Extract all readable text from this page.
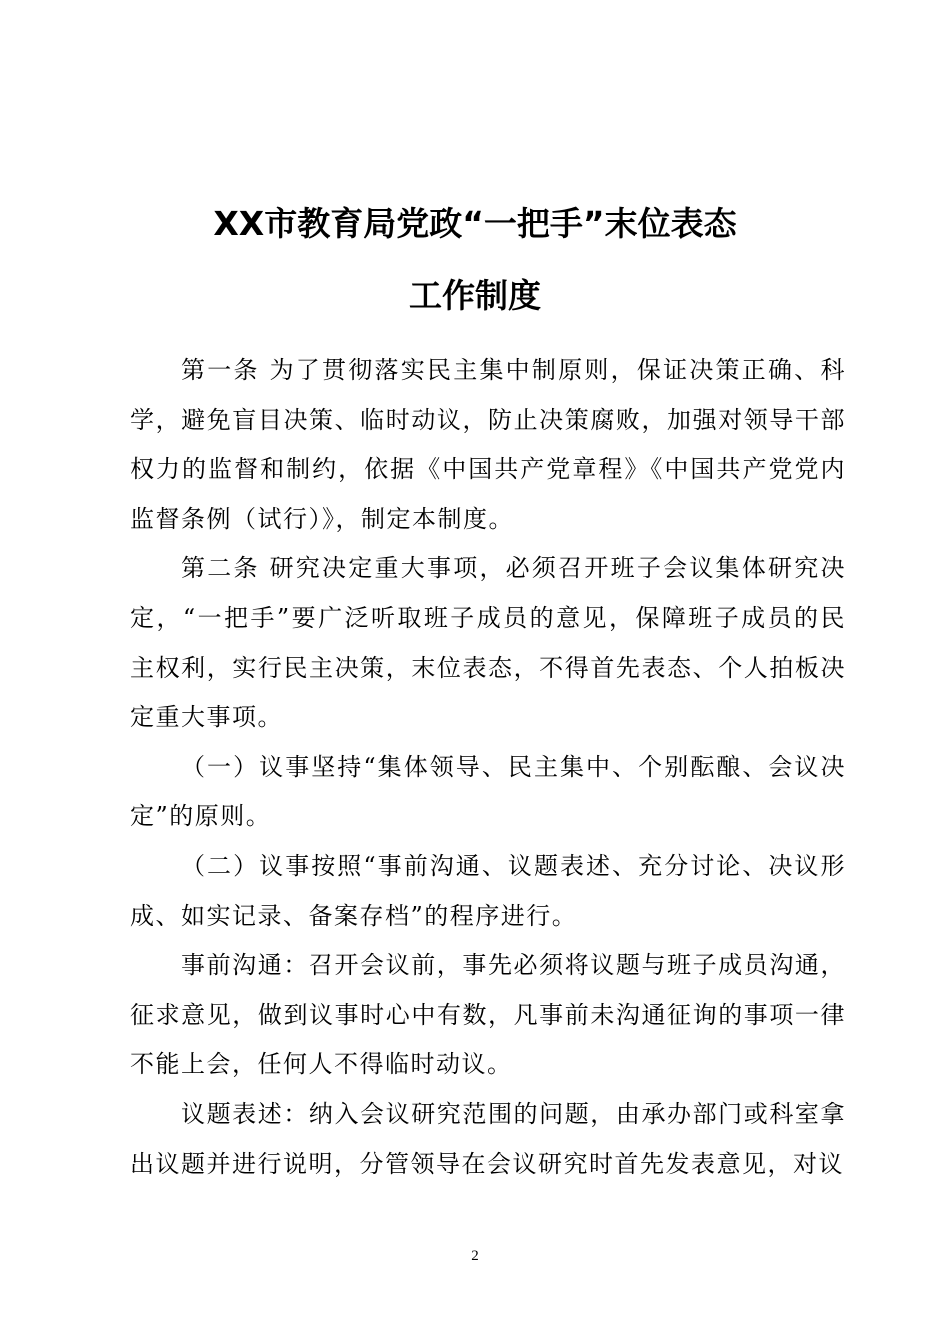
XX市教育局党政“一把手”末位表态
工作制度

第一条 为了贯彻落实民主集中制原则，保证决策正确、科学，避免盲目决策、临时动议，防止决策腐败，加强对领导干部权力的监督和制约，依据《中国共产党章程》《中国共产党党内监督条例（试行）》，制定本制度。

第二条 研究决定重大事项，必须召开班子会议集体研究决定，“一把手”要广泛听取班子成员的意见，保障班子成员的民主权利，实行民主决策，末位表态，不得首先表态、个人拍板决定重大事项。

（一）议事坚持“集体领导、民主集中、个别酝酿、会议决定”的原则。

（二）议事按照“事前沟通、议题表述、充分讨论、决议形成、如实记录、备案存档”的程序进行。

事前沟通：召开会议前，事先必须将议题与班子成员沟通，征求意见，做到议事时心中有数，凡事前未沟通征询的事项一律不能上会，任何人不得临时动议。

议题表述：纳入会议研究范围的问题，由承办部门或科室拿出议题并进行说明，分管领导在会议研究时首先发表意见，对议

2
